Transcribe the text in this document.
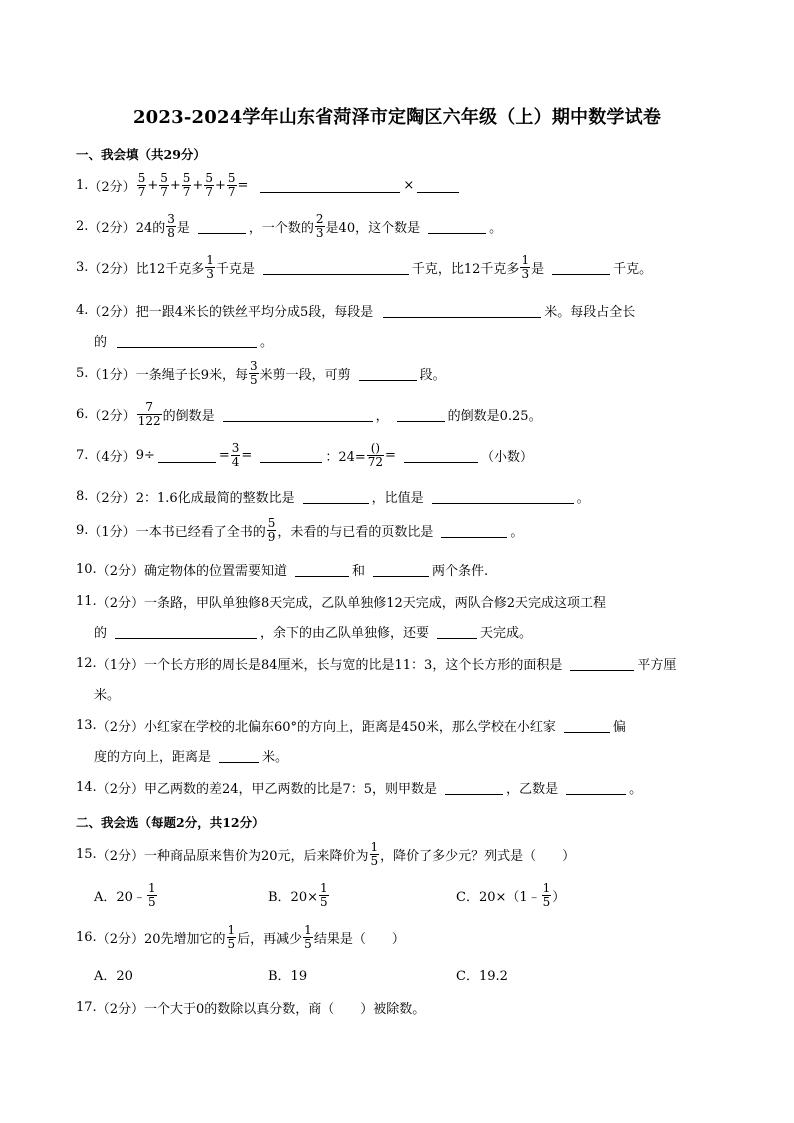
2023-2024学年山东省菏泽市定陶区六年级（上）期中数学试卷
一、我会填（共29分）
1. （2分） $\frac{5}{7} + \frac{5}{7} + \frac{5}{7} + \frac{5}{7} + \frac{5}{7}$ =	×
2. （2分） 24的 $\frac{3}{8}$ 是	，一个数的 $\frac{2}{3}$ 是40，这个数是	。
3. （2分） 比12千克多 $\frac{1}{3}$ 千克是	千克，比12千克多 $\frac{1}{3}$ 是	千克。
4. （2分） 把一跟4米长的铁丝平均分成5段，每段是	米。每段占全长
的	。
5. （1分） 一条绳子长9米，每 $\frac{3}{5}$ 米剪一段，可剪	段。
6. （2分） $\frac{7}{122}$ 的倒数是	，	的倒数是0.25。
7. （4分） 9÷	= $\frac{3}{4}$ =	：$24= \frac{()}{72}$ =	（小数）
8. （2分） 2：1.6化成最简的整数比是	，比值是	。
9. （1分） 一本书已经看了全书的 $\frac{5}{9}$ ，未看的与已看的页数比是	。
10. （2分） 确定物体的位置需要知道	和	两个条件.
11. （2分） 一条路，甲队单独修8天完成，乙队单独修12天完成，两队合修2天完成这项工程
的	，余下的由乙队单独修，还要	天完成。
12. （1分） 一个长方形的周长是84厘米，长与宽的比是11：3，这个长方形的面积是	平方厘
米。
13. （2分） 小红家在学校的北偏东60°的方向上，距离是450米，那么学校在小红家	偏
度的方向上，距离是	米。
14. （2分） 甲乙两数的差24，甲乙两数的比是7：5，则甲数是	，乙数是	。
二、我会选（每题2分，共12分）
15. （2分） 一种商品原来售价为20元，后来降价为 $\frac{1}{5}$ ，降价了多少元？列式是（　　）
A．20﹣ $\frac{1}{5}$	B．$20\times \frac{1}{5}$	C．20×（1﹣ $\frac{1}{5}$ ）
16. （2分） 20先增加它的 $\frac{1}{5}$ 后，再减少 $\frac{1}{5}$ 结果是（　　）
A．20	B．19	C．19.2
17. （2分） 一个大于0的数除以真分数，商（　　）被除数。
